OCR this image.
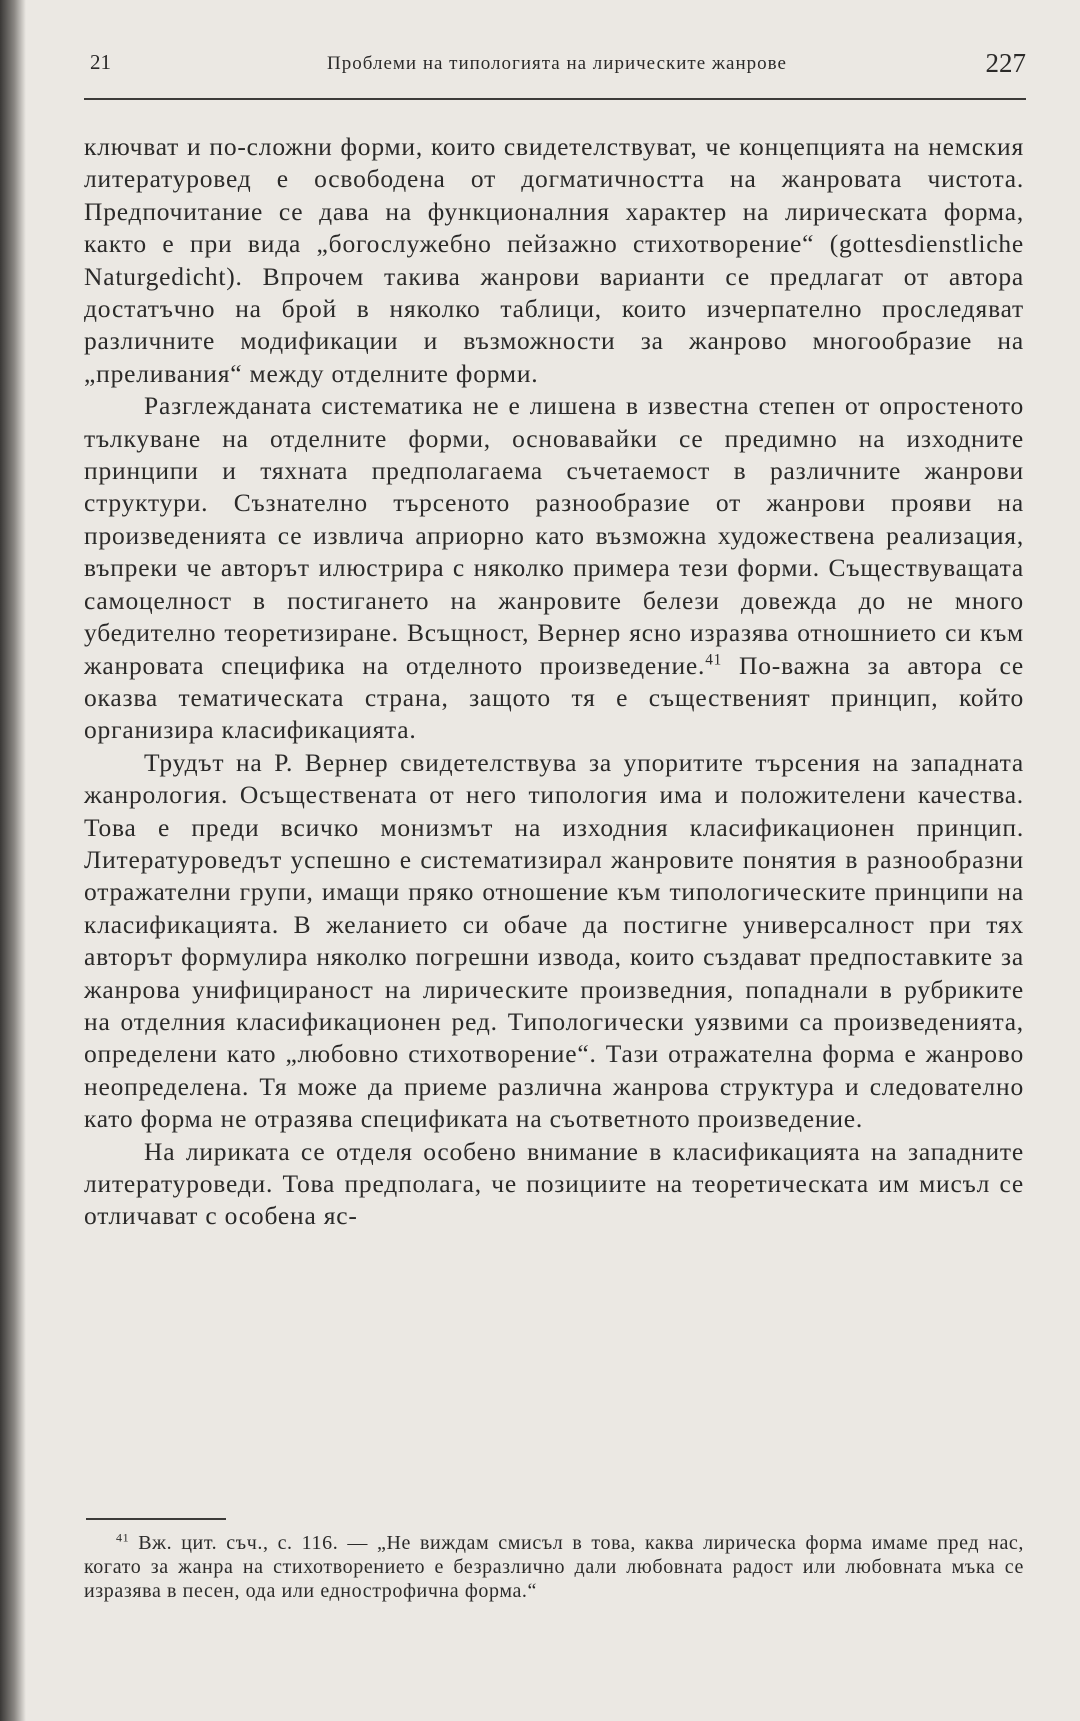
21	Проблеми на типологията на лирическите жанрове	227

ключват и по-сложни форми, които свидетелствуват, че концепцията на немския литературовед е освободена от догматичността на жанровата чистота. Предпочитание се дава на функционалния характер на лирическата форма, както е при вида „богослужебно пейзажно стихотворение“ (gottesdienstliche Naturgedicht). Впрочем такива жанрови варианти се предлагат от автора достатъчно на брой в няколко таблици, които изчерпателно проследяват различните модификации и възможности за жанрово многообразие на „преливания“ между отделните форми.

Разглежданата систематика не е лишена в известна степен от опростеното тълкуване на отделните форми, основавайки се предимно на изходните принципи и тяхната предполагаема съчетаемост в различните жанрови структури. Съзнателно търсеното разнообразие от жанрови прояви на произведенията се извлича априорно като възможна художествена реализация, въпреки че авторът илюстрира с няколко примера тези форми. Съществуващата самоцелност в постигането на жанровите белези довежда до не много убедително теоретизиране. Всъщност, Вернер ясно изразява отношнието си към жанровата специфика на отделното произведение.$^{41}$ По-важна за автора се оказва тематическата страна, защото тя е съществeният принцип, който организира класификацията.

Трудът на Р. Вернер свидетелствува за упоритите търсения на западната жанрология. Осъществената от него типология има и положителени качества. Това е преди всичко монизмът на изходния класификационен принцип. Литературоведът успешно е систематизирал жанровите понятия в разнообразни отражателни групи, имащи пряко отношение към типологическите принципи на класификацията. В желанието си обаче да постигне универсалност при тях авторът формулира няколко погрешни извода, които създават предпоставките за жанрова унифицираност на лирическите произведния, попаднали в рубриките на отделния класификационен ред. Типологически уязвими са произведенията, определени като „любовно стихотворение“. Тази отражателна форма е жанрово неопределена. Тя може да приеме различна жанрова структура и следователно като форма не отразява спецификата на съответното произведение.

На лириката се отделя особено внимание в класификацията на западните литературоведи. Това предполага, че позициите на теоретическата им мисъл се отличават с особена яс-

$^{41}$ Вж. цит. съч., с. 116. — „Не виждам смисъл в това, каква лирическа форма имаме пред нас, когато за жанра на стихотворението е безразлично дали любовната радост или любовната мъка се изразява в песен, ода или еднострофична форма.“
